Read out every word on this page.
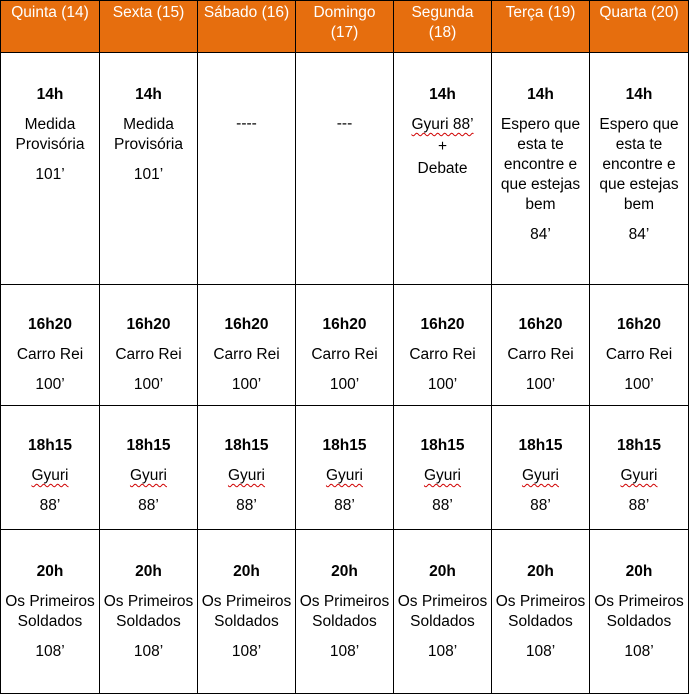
Quinta (14)	Sexta (15)	Sábado (16)	Domingo (17)	Segunda (18)	Terça (19)	Quarta (20)

14h
Medida Provisória
101’	14h
Medida Provisória
101’	----	---	14h
Gyuri 88’
+
Debate	14h
Espero que esta te encontre e que estejas bem
84’	14h
Espero que esta te encontre e que estejas bem
84’

16h20
Carro Rei
100’	16h20
Carro Rei
100’	16h20
Carro Rei
100’	16h20
Carro Rei
100’	16h20
Carro Rei
100’	16h20
Carro Rei
100’	16h20
Carro Rei
100’

18h15
Gyuri
88’	18h15
Gyuri
88’	18h15
Gyuri
88’	18h15
Gyuri
88’	18h15
Gyuri
88’	18h15
Gyuri
88’	18h15
Gyuri
88’

20h
Os Primeiros Soldados
108’	20h
Os Primeiros Soldados
108’	20h
Os Primeiros Soldados
108’	20h
Os Primeiros Soldados
108’	20h
Os Primeiros Soldados
108’	20h
Os Primeiros Soldados
108’	20h
Os Primeiros Soldados
108’
